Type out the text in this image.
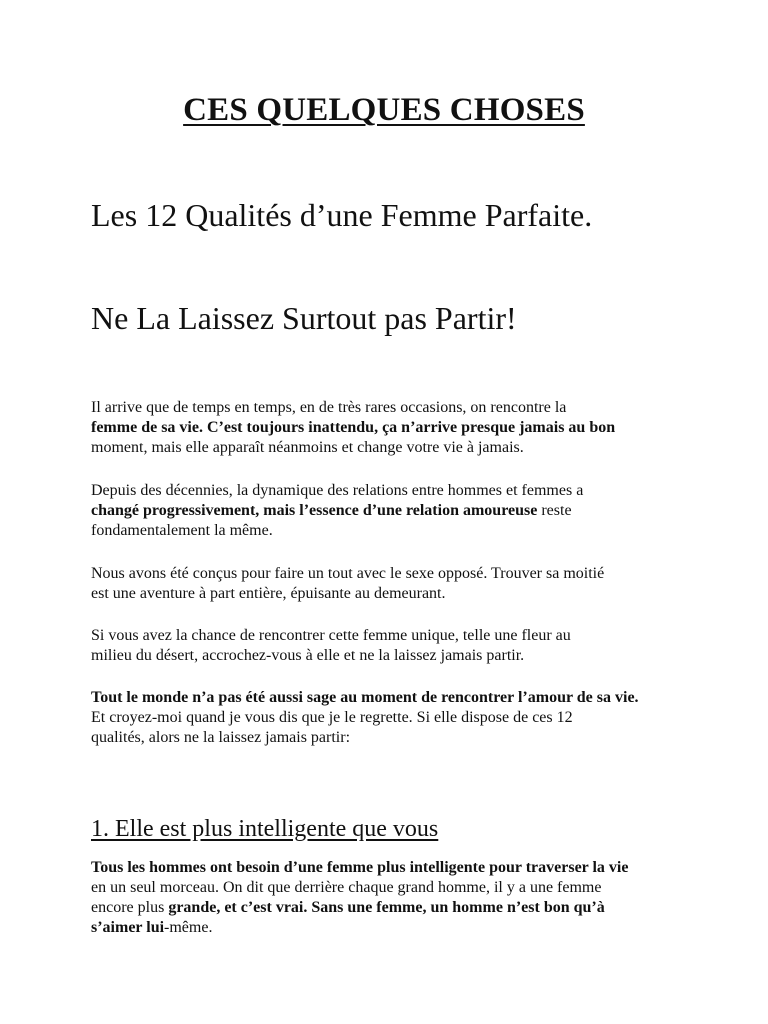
CES QUELQUES CHOSES
Les 12 Qualités d’une Femme Parfaite.
Ne La Laissez Surtout pas Partir!
Il arrive que de temps en temps, en de très rares occasions, on rencontre la
femme de sa vie. C’est toujours inattendu, ça n’arrive presque jamais au bon
moment, mais elle apparaît néanmoins et change votre vie à jamais.
Depuis des décennies, la dynamique des relations entre hommes et femmes a
changé progressivement, mais l’essence d’une relation amoureuse reste
fondamentalement la même.
Nous avons été conçus pour faire un tout avec le sexe opposé. Trouver sa moitié
est une aventure à part entière, épuisante au demeurant.
Si vous avez la chance de rencontrer cette femme unique, telle une fleur au
milieu du désert, accrochez-vous à elle et ne la laissez jamais partir.
Tout le monde n’a pas été aussi sage au moment de rencontrer l’amour de sa vie.
Et croyez-moi quand je vous dis que je le regrette. Si elle dispose de ces 12
qualités, alors ne la laissez jamais partir:
1. Elle est plus intelligente que vous
Tous les hommes ont besoin d’une femme plus intelligente pour traverser la vie
en un seul morceau. On dit que derrière chaque grand homme, il y a une femme
encore plus grande, et c’est vrai. Sans une femme, un homme n’est bon qu’à
s’aimer lui-même.
